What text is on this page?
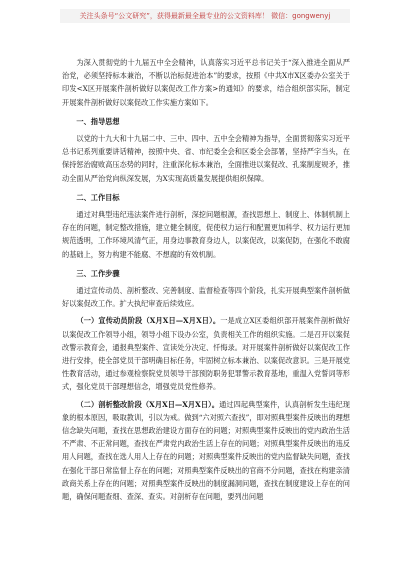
关注头条号“公文研究”，获得最新最全最专业的公文资料库！ 微信：gongwenyj

为深入贯彻党的十九届五中全会精神，认真落实习近平总书记关于“深入推进全面从严治党，必须坚持标本兼治，不断以治标促进治本”的要求，按照《中共X市X区委办公室关于印发<X区开展案件剖析做好以案促改工作方案>的通知》的要求，结合组织部实际，制定开展案件剖析做好以案促改工作实施方案如下。

一、指导思想

以党的十九大和十九届二中、三中、四中、五中全会精神为指导，全面贯彻落实习近平总书记系列重要讲话精神，按照中央、省、市纪委全会和区委全会部署，坚持严字当头，在保持惩治腐败高压态势的同时，注重深化标本兼治，全面推进以案促改、孔案制度规矛，推动全面从严治党向纵深发展，为X实现高质量发展提供组织保障。

二、工作目标

通过对典型违纪违法案件进行剖析，深挖问题根源，查找思想上、制度上、体制机制上存在的问题，制定整改措施，建立健全制度，促使权力运行和配置更加科学、权力运行更加规范透明，工作环境风清气正，用身边事教育身边人，以案促改，以案促防，在强化不敢腐的基础上，努力构建不能腐、不想腐的有效机制。

三、工作步骤

通过宣传动员、剖析整改、完善制度、监督检查等四个阶段，扎实开展典型案件剖析做好以案促改工作。扩大执纪审查后续效应。

（一）宣传动员阶段（X月X日—X月X日）。一是成立X区委组织部开展案件剖析做好以案促改工作领导小组，领导小组下设办公室，负责相关工作的组织实施。二是召开以案促改警示教育会，通报典型案件、宣读处分决定、忏悔录。对开展案件剖析做好以案促改工作进行安排，使全部党员干部明确目标任务，牢固树立标本兼治、以案促改意识。三是开展党性教育活动，通过参观检察院党员领导干部预防职务犯罪警示教育基地，重温入党誓词等形式，强化党员干部理想信念，增强党员党性修养。

（二）剖析整改阶段（X月X日—X月X日）。通过四起典型案件，认真剖析发生违纪现象的根本原因，吸取教训，引以为戒。做到“六对照六查找”，即对照典型案件反映出的理想信念缺失问题，查找在思想政治建设方面存在的问题；对照典型案件反映出的党内政治生活不严肃、不正常问题，查找在严肃党内政治生活上存在的问题；对照典型案件反映出的违反用人问题，查找在选人用人上存在的问题；对照典型案件反映出的党内监督缺失问题，查找在强化干部日常监督上存在的问题；对照典型案件反映出的官商不分问题，查找在构建亲清政商关系上存在的问题；对照典型案件反映出的制度漏洞问题，查找在制度建设上存在的问题，确保问题查细、查深、查实。对剖析存在问题，要列出问题
